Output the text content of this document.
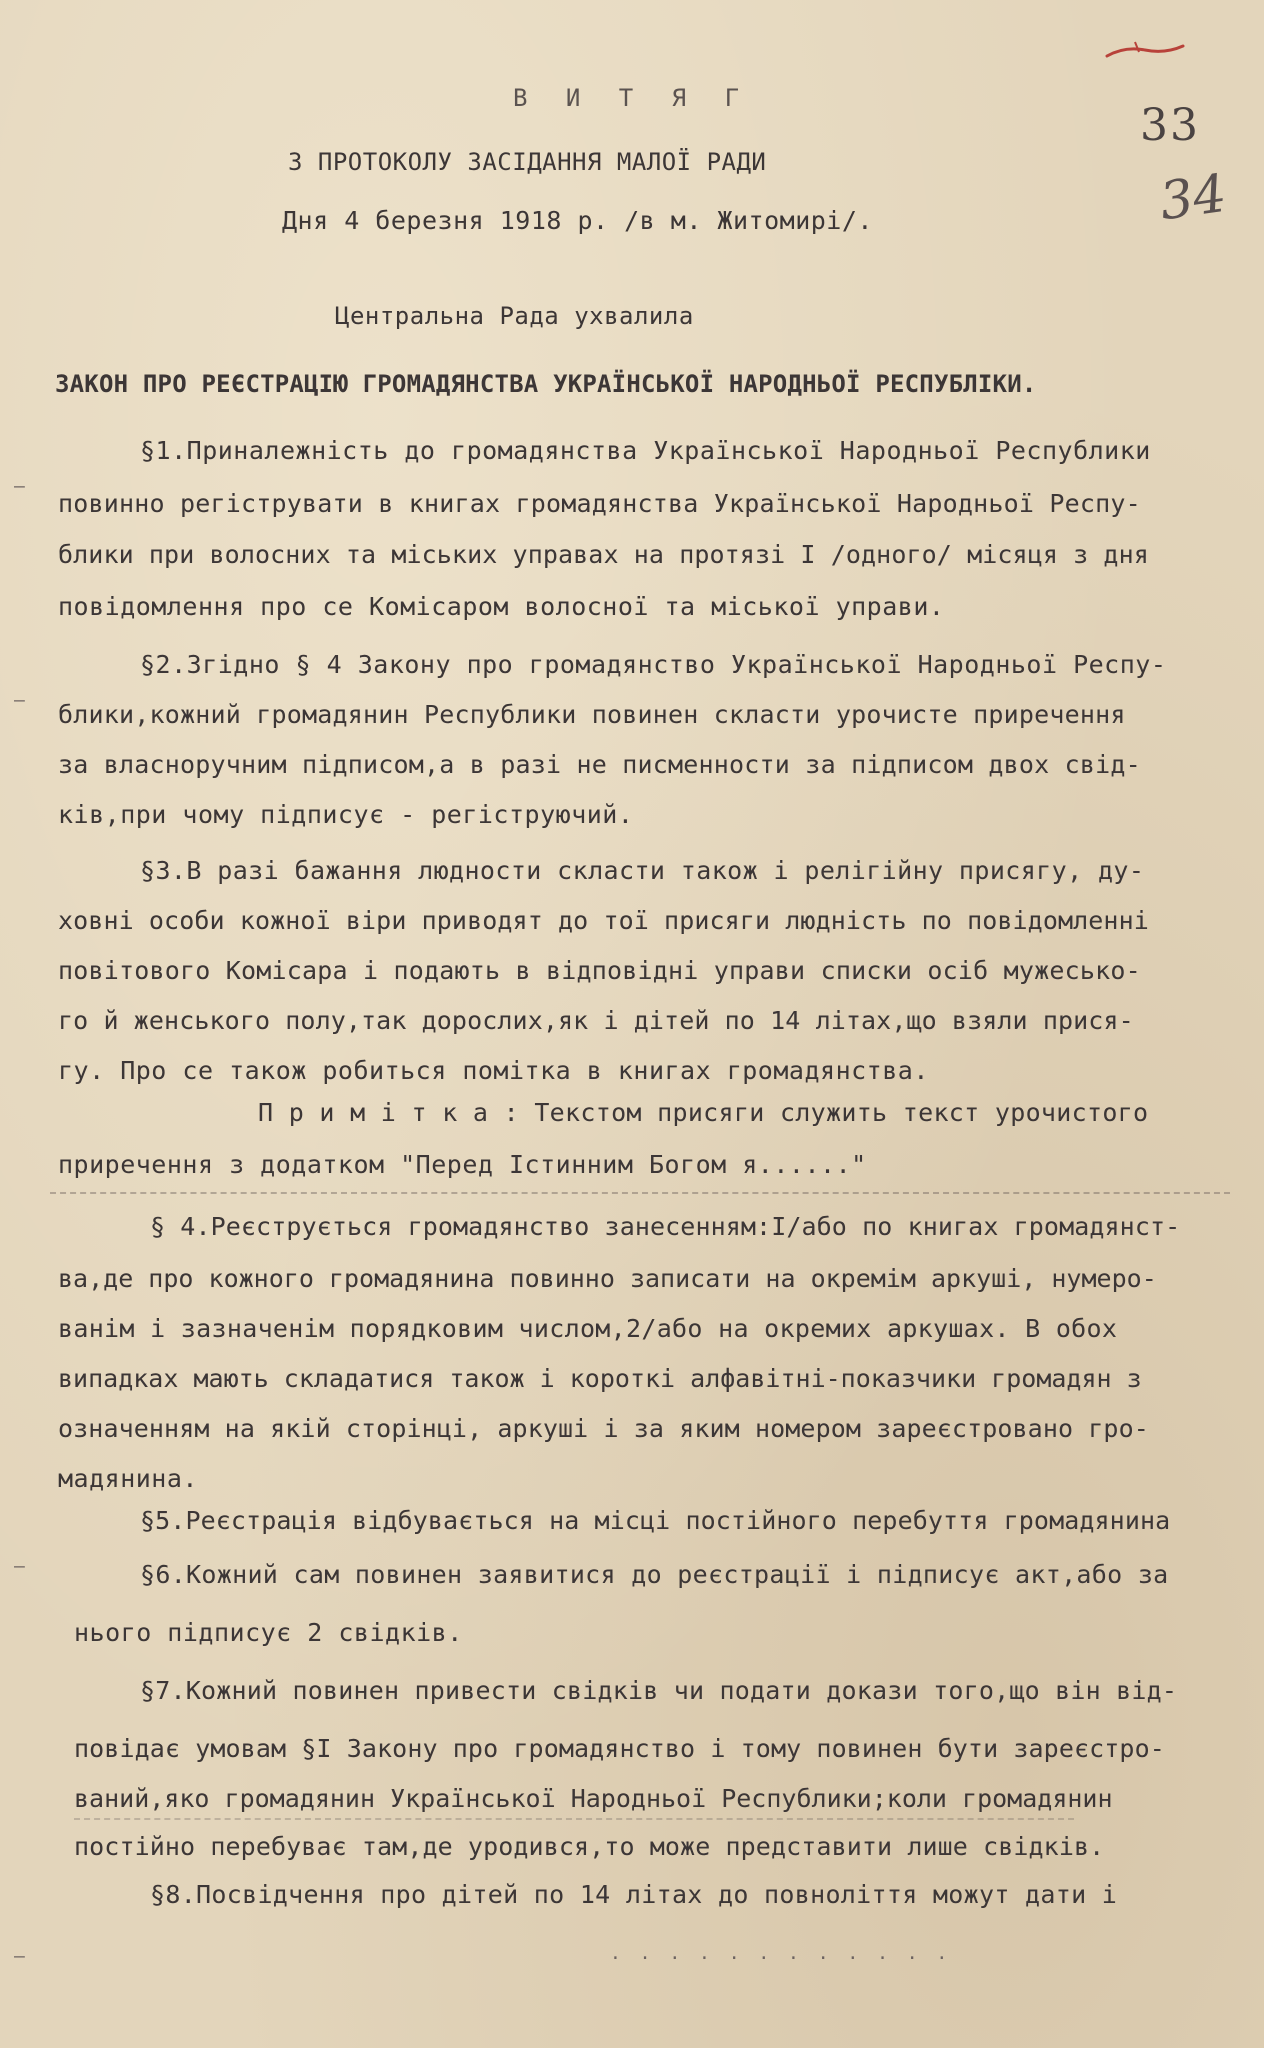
33
34
В И Т Я Г
З ПРОТОКОЛУ ЗАСІДАННЯ МАЛОЇ РАДИ
Дня 4 березня 1918 р. /в м. Житомирі/.
Центральна Рада ухвалила
ЗАКОН ПРО РЕЄСТРАЦІЮ ГРОМАДЯНСТВА УКРАЇНСЬКОЇ НАРОДНЬОЇ РЕСПУБЛІКИ.
§1.Приналежність до громадянства Української Народньої Республики
повинно регіструвати в книгах громадянства Української Народньої Респу-
блики при волосних та міських управах на протязі І /одного/ місяця з дня
повідомлення про се Комісаром волосної та міської управи.
§2.Згідно § 4 Закону про громадянство Української Народньої Респу-
блики,кожний громадянин Республики повинен скласти урочисте приречення
за власноручним підписом,а в разі не писменности за підписом двох свід-
ків,при чому підписує - регіструючий.
§3.В разі бажання людности скласти також і релігійну присягу, ду-
ховні особи кожної віри приводят до тої присяги людність по повідомленні
повітового Комісара і подають в відповідні управи списки осіб мужесько-
го й женського полу,так дорослих,як і дітей по 14 літах,що взяли прися-
гу. Про се також робиться помітка в книгах громадянства.
П р и м і т к а : Текстом присяги служить текст урочистого
приречення з додатком "Перед Істинним Богом я......"
§ 4.Реєструється громадянство занесенням:І/або по книгах громадянст-
ва,де про кожного громадянина повинно записати на окремім аркуші, нумеро-
ванім і зазначенім порядковим числом,2/або на окремих аркушах. В обох
випадках мають складатися також і короткі алфавітні-показчики громадян з
означенням на якій сторінці, аркуші і за яким номером зареєстровано гро-
мадянина.
§5.Реєстрація відбувається на місці постійного перебуття громадянина
§6.Кожний сам повинен заявитися до реєстрації і підписує акт,або за
нього підписує 2 свідків.
§7.Кожний повинен привести свідків чи подати докази того,що він від-
повідає умовам §І Закону про громадянство і тому повинен бути зареєстро-
ваний,яко громадянин Української Народньої Республики;коли громадянин
постійно перебуває там,де уродився,то може представити лише свідків.
§8.Посвідчення про дітей по 14 літах до повноліття можут дати і
· · · · · · · · · · · ·
–
–
–
–
